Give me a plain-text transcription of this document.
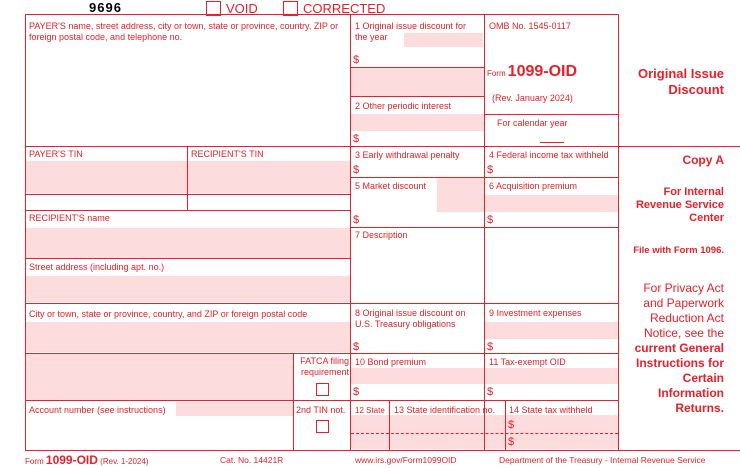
9696	VOID	CORRECTED
PAYER'S name, street address, city or town, state or province, country, ZIP or foreign postal code, and telephone no.
PAYER'S TIN	RECIPIENT'S TIN
RECIPIENT'S name
Street address (including apt. no.)
City or town, state or province, country, and ZIP or foreign postal code
FATCA filing requirement
Account number (see instructions)	2nd TIN not.
1 Original issue discount for the year
$
2 Other periodic interest
$
3 Early withdrawal penalty
$
5 Market discount
$
7 Description
8 Original issue discount on U.S. Treasury obligations
$
10 Bond premium
$
12 State 13 State identification no.
OMB No. 1545-0117
Form 1099-OID
(Rev. January 2024)
For calendar year
4 Federal income tax withheld
$
6 Acquisition premium
$
9 Investment expenses
$
11 Tax-exempt OID
$
14 State tax withheld
$
$
Original Issue Discount
Copy A
For Internal Revenue Service Center
File with Form 1096.
For Privacy Act and Paperwork Reduction Act Notice, see the current General Instructions for Certain Information Returns.
Form 1099-OID (Rev. 1-2024)	Cat. No. 14421R	www.irs.gov/Form1099OID	Department of the Treasury - Internal Revenue Service
